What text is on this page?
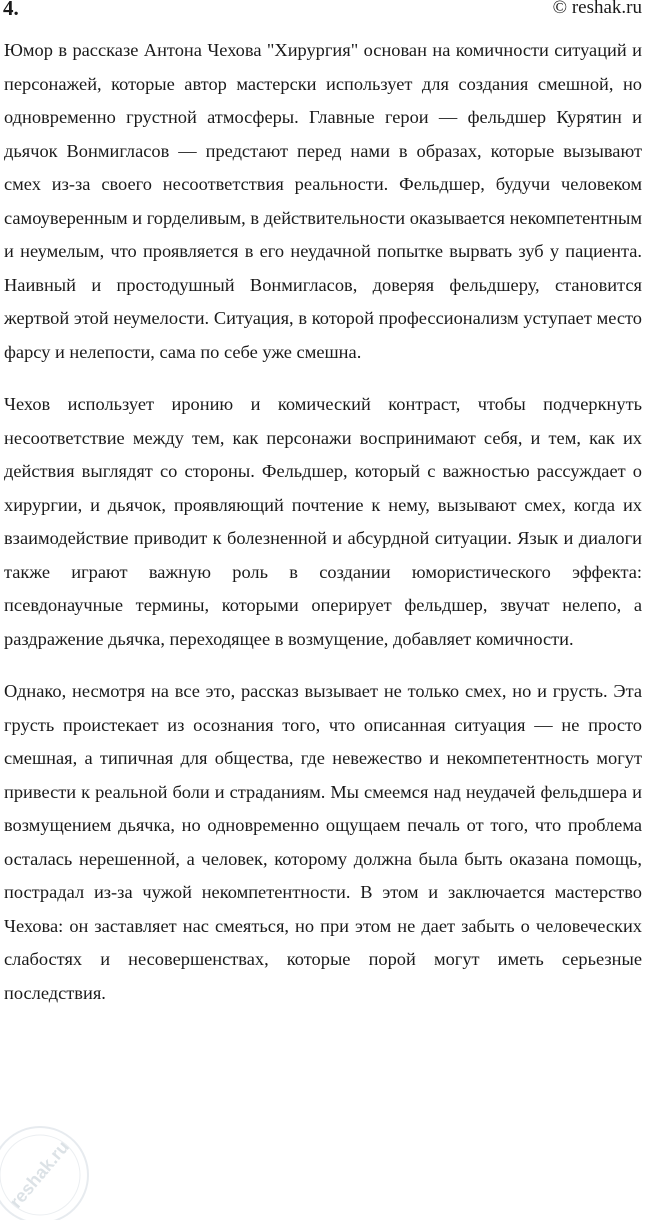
4.	© reshak.ru

Юмор в рассказе Антона Чехова "Хирургия" основан на комичности ситуаций и персонажей, которые автор мастерски использует для создания смешной, но одновременно грустной атмосферы. Главные герои — фельдшер Курятин и дьячок Вонмигласов — предстают перед нами в образах, которые вызывают смех из-за своего несоответствия реальности. Фельдшер, будучи человеком самоуверенным и горделивым, в действительности оказывается некомпетентным и неумелым, что проявляется в его неудачной попытке вырвать зуб у пациента. Наивный и простодушный Вонмигласов, доверяя фельдшеру, становится жертвой этой неумелости. Ситуация, в которой профессионализм уступает место фарсу и нелепости, сама по себе уже смешна.

Чехов использует иронию и комический контраст, чтобы подчеркнуть несоответствие между тем, как персонажи воспринимают себя, и тем, как их действия выглядят со стороны. Фельдшер, который с важностью рассуждает о хирургии, и дьячок, проявляющий почтение к нему, вызывают смех, когда их взаимодействие приводит к болезненной и абсурдной ситуации. Язык и диалоги также играют важную роль в создании юмористического эффекта: псевдонаучные термины, которыми оперирует фельдшер, звучат нелепо, а раздражение дьячка, переходящее в возмущение, добавляет комичности.

Однако, несмотря на все это, рассказ вызывает не только смех, но и грусть. Эта грусть проистекает из осознания того, что описанная ситуация — не просто смешная, а типичная для общества, где невежество и некомпетентность могут привести к реальной боли и страданиям. Мы смеемся над неудачей фельдшера и возмущением дьячка, но одновременно ощущаем печаль от того, что проблема осталась нерешенной, а человек, которому должна была быть оказана помощь, пострадал из-за чужой некомпетентности. В этом и заключается мастерство Чехова: он заставляет нас смеяться, но при этом не дает забыть о человеческих слабостях и несовершенствах, которые порой могут иметь серьезные последствия.

reshak.ru
